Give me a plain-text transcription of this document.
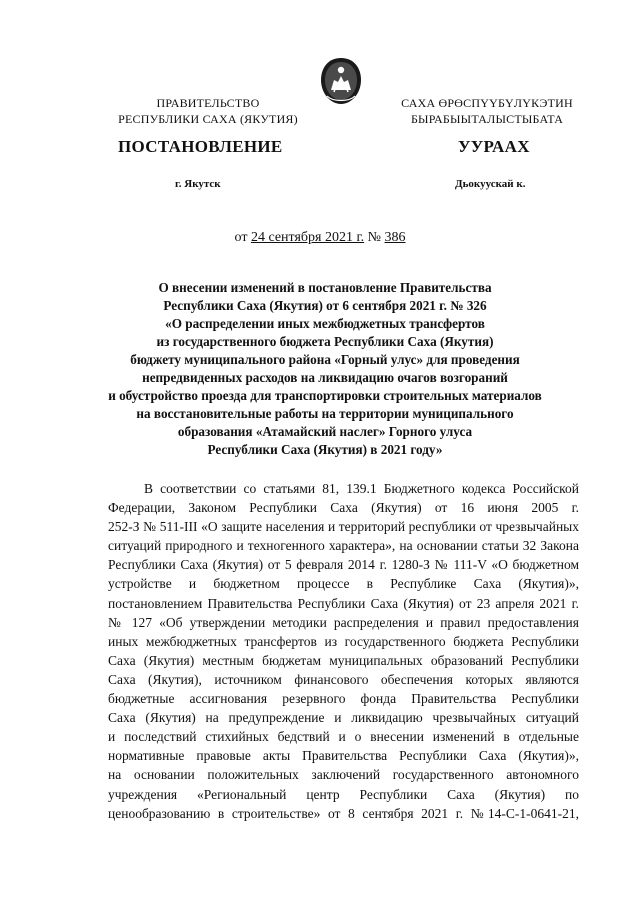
ПРАВИТЕЛЬСТВО
РЕСПУБЛИКИ САХА (ЯКУТИЯ)
САХА ӨРӨСПҮҮБҮЛҮКЭТИН
БЫРАБЫЫТАЛЫСТЫБАТА
ПОСТАНОВЛЕНИЕ	УУРААХ
г. Якутск	Дьокуускай к.
от 24 сентября 2021 г. № 386
О внесении изменений в постановление Правительства
Республики Саха (Якутия) от 6 сентября 2021 г. № 326
«О распределении иных межбюджетных трансфертов
из государственного бюджета Республики Саха (Якутия)
бюджету муниципального района «Горный улус» для проведения
непредвиденных расходов на ликвидацию очагов возгораний
и обустройство проезда для транспортировки строительных материалов
на восстановительные работы на территории муниципального
образования «Атамайский наслег» Горного улуса
Республики Саха (Якутия) в 2021 году»
В соответствии со статьями 81, 139.1 Бюджетного кодекса Российской
Федерации, Законом Республики Саха (Якутия) от 16 июня 2005 г.
252-З № 511-III «О защите населения и территорий республики от чрезвычайных
ситуаций природного и техногенного характера», на основании статьи 32 Закона
Республики Саха (Якутия) от 5 февраля 2014 г. 1280-З № 111-V «О бюджетном
устройстве и бюджетном процессе в Республике Саха (Якутия)»,
постановлением Правительства Республики Саха (Якутия) от 23 апреля 2021 г.
№ 127 «Об утверждении методики распределения и правил предоставления
иных межбюджетных трансфертов из государственного бюджета Республики
Саха (Якутия) местным бюджетам муниципальных образований Республики
Саха (Якутия), источником финансового обеспечения которых являются
бюджетные ассигнования резервного фонда Правительства Республики
Саха (Якутия) на предупреждение и ликвидацию чрезвычайных ситуаций
и последствий стихийных бедствий и о внесении изменений в отдельные
нормативные правовые акты Правительства Республики Саха (Якутия)»,
на основании положительных заключений государственного автономного
учреждения «Региональный центр Республики Саха (Якутия) по
ценообразованию в строительстве» от 8 сентября 2021 г. №14-С-1-0641-21,
